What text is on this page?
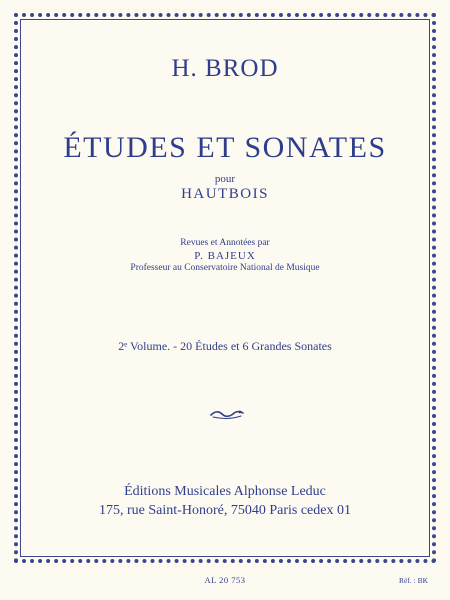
H. BROD
ÉTUDES ET SONATES
pour
HAUTBOIS
Revues et Annotées par
P. BAJEUX
Professeur au Conservatoire National de Musique
2ᵉ Volume. - 20 Études et 6 Grandes Sonates
Éditions Musicales Alphonse Leduc
175, rue Saint-Honoré, 75040 Paris cedex 01
AL 20 753	Réf. : BK
